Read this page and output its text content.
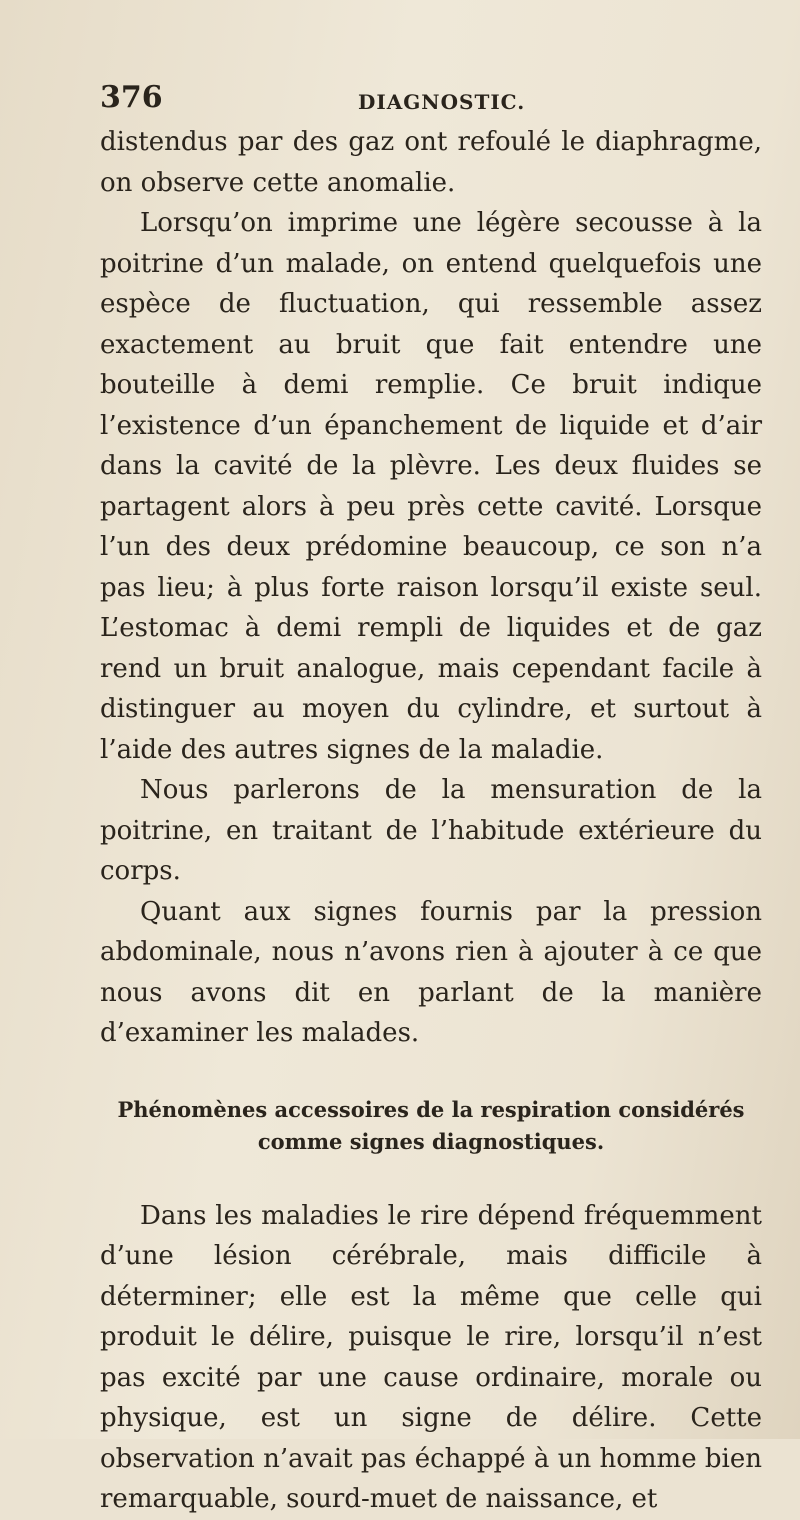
376	DIAGNOSTIC.

distendus par des gaz ont refoulé le diaphragme, on observe cette anomalie.

Lorsqu’on imprime une légère secousse à la poitrine d’un malade, on entend quelquefois une espèce de fluctuation, qui ressemble assez exactement au bruit que fait entendre une bouteille à demi remplie. Ce bruit indique l’existence d’un épanchement de liquide et d’air dans la cavité de la plèvre. Les deux fluides se partagent alors à peu près cette cavité. Lorsque l’un des deux prédomine beaucoup, ce son n’a pas lieu; à plus forte raison lorsqu’il existe seul. L’estomac à demi rempli de liquides et de gaz rend un bruit analogue, mais cependant facile à distinguer au moyen du cylindre, et surtout à l’aide des autres signes de la maladie.

Nous parlerons de la mensuration de la poitrine, en traitant de l’habitude extérieure du corps.

Quant aux signes fournis par la pression abdominale, nous n’avons rien à ajouter à ce que nous avons dit en parlant de la manière d’examiner les malades.

Phénomènes accessoires de la respiration considérés comme signes diagnostiques.

Dans les maladies le rire dépend fréquemment d’une lésion cérébrale, mais difficile à déterminer; elle est la même que celle qui produit le délire, puisque le rire, lorsqu’il n’est pas excité par une cause ordinaire, morale ou physique, est un signe de délire. Cette observation n’avait pas échappé à un homme bien remarquable, sourd-muet de naissance, et
